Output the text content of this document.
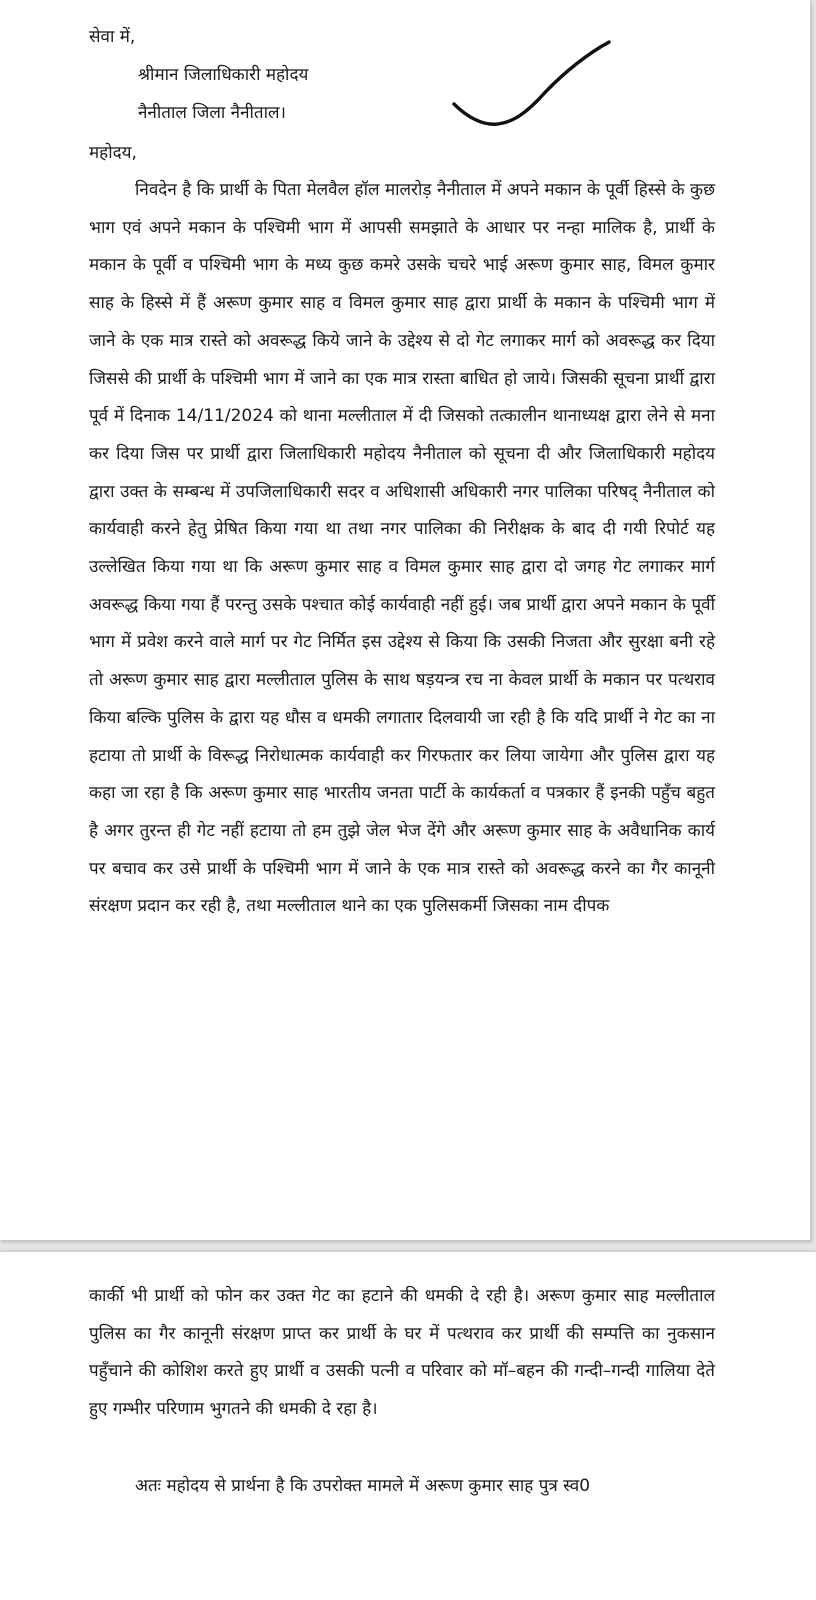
सेवा में,

श्रीमान जिलाधिकारी महोदय

नैनीताल जिला नैनीताल।

महोदय,

निवदेन है कि प्रार्थी के पिता मेलवैल हॉल मालरोड़ नैनीताल में अपने मकान के पूर्वी हिस्से के कुछ भाग एवं अपने मकान के पश्चिमी भाग में आपसी समझाते के आधार पर नन्हा मालिक है, प्रार्थी के मकान के पूर्वी व पश्चिमी भाग के मध्य कुछ कमरे उसके चचरे भाई अरूण कुमार साह, विमल कुमार साह के हिस्से में हैं अरूण कुमार साह व विमल कुमार साह द्वारा प्रार्थी के मकान के पश्चिमी भाग में जाने के एक मात्र रास्ते को अवरूद्ध किये जाने के उद्देश्य से दो गेट लगाकर मार्ग को अवरूद्ध कर दिया जिससे की प्रार्थी के पश्चिमी भाग में जाने का एक मात्र रास्ता बाधित हो जाये। जिसकी सूचना प्रार्थी द्वारा पूर्व में दिनाक 14/11/2024 को थाना मल्लीताल में दी जिसको तत्कालीन थानाध्यक्ष द्वारा लेने से मना कर दिया जिस पर प्रार्थी द्वारा जिलाधिकारी महोदय नैनीताल को सूचना दी और जिलाधिकारी महोदय द्वारा उक्त के सम्बन्ध में उपजिलाधिकारी सदर व अधिशासी अधिकारी नगर पालिका परिषद् नैनीताल को कार्यवाही करने हेतु प्रेषित किया गया था तथा नगर पालिका की निरीक्षक के बाद दी गयी रिपोर्ट यह उल्लेखित किया गया था कि अरूण कुमार साह व विमल कुमार साह द्वारा दो जगह गेट लगाकर मार्ग अवरूद्ध किया गया हैं परन्तु उसके पश्चात कोई कार्यवाही नहीं हुई। जब प्रार्थी द्वारा अपने मकान के पूर्वी भाग में प्रवेश करने वाले मार्ग पर गेट निर्मित इस उद्देश्य से किया कि उसकी निजता और सुरक्षा बनी रहे तो अरूण कुमार साह द्वारा मल्लीताल पुलिस के साथ षड़यन्त्र रच ना केवल प्रार्थी के मकान पर पत्थराव किया बल्कि पुलिस के द्वारा यह धौस व धमकी लगातार दिलवायी जा रही है कि यदि प्रार्थी ने गेट का ना हटाया तो प्रार्थी के विरूद्ध निरोधात्मक कार्यवाही कर गिरफतार कर लिया जायेगा और पुलिस द्वारा यह कहा जा रहा है कि अरूण कुमार साह भारतीय जनता पार्टी के कार्यकर्ता व पत्रकार हैं इनकी पहुँच बहुत है अगर तुरन्त ही गेट नहीं हटाया तो हम तुझे जेल भेज देंगे और अरूण कुमार साह के अवैधानिक कार्य पर बचाव कर उसे प्रार्थी के पश्चिमी भाग में जाने के एक मात्र रास्ते को अवरूद्ध करने का गैर कानूनी संरक्षण प्रदान कर रही है, तथा मल्लीताल थाने का एक पुलिसकर्मी जिसका नाम दीपक

कार्की भी प्रार्थी को फोन कर उक्त गेट का हटाने की धमकी दे रही है। अरूण कुमार साह मल्लीताल पुलिस का गैर कानूनी संरक्षण प्राप्त कर प्रार्थी के घर में पत्थराव कर प्रार्थी की सम्पत्ति का नुकसान पहुँचाने की कोशिश करते हुए प्रार्थी व उसकी पत्नी व परिवार को मॉ–बहन की गन्दी–गन्दी गालिया देते हुए गम्भीर परिणाम भुगतने की धमकी दे रहा है।

अतः महोदय से प्रार्थना है कि उपरोक्त मामले में अरूण कुमार साह पुत्र स्व0
